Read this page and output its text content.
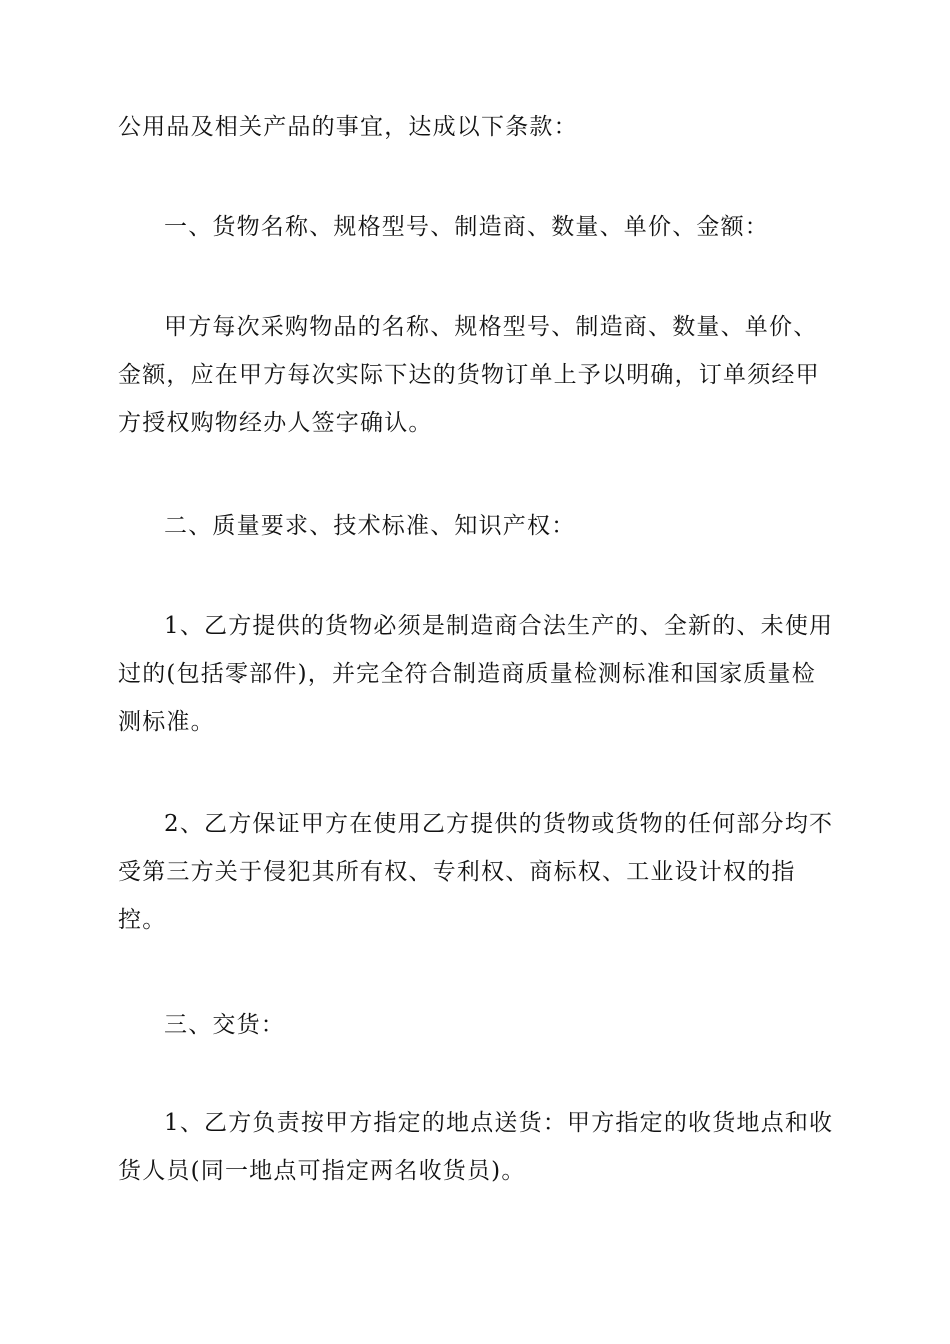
公用品及相关产品的事宜，达成以下条款：

一、货物名称、规格型号、制造商、数量、单价、金额：

甲方每次采购物品的名称、规格型号、制造商、数量、单价、金额，应在甲方每次实际下达的货物订单上予以明确，订单须经甲方授权购物经办人签字确认。

二、质量要求、技术标准、知识产权：

1、乙方提供的货物必须是制造商合法生产的、全新的、未使用过的(包括零部件)，并完全符合制造商质量检测标准和国家质量检测标准。

2、乙方保证甲方在使用乙方提供的货物或货物的任何部分均不受第三方关于侵犯其所有权、专利权、商标权、工业设计权的指控。

三、交货：

1、乙方负责按甲方指定的地点送货：甲方指定的收货地点和收货人员(同一地点可指定两名收货员)。
